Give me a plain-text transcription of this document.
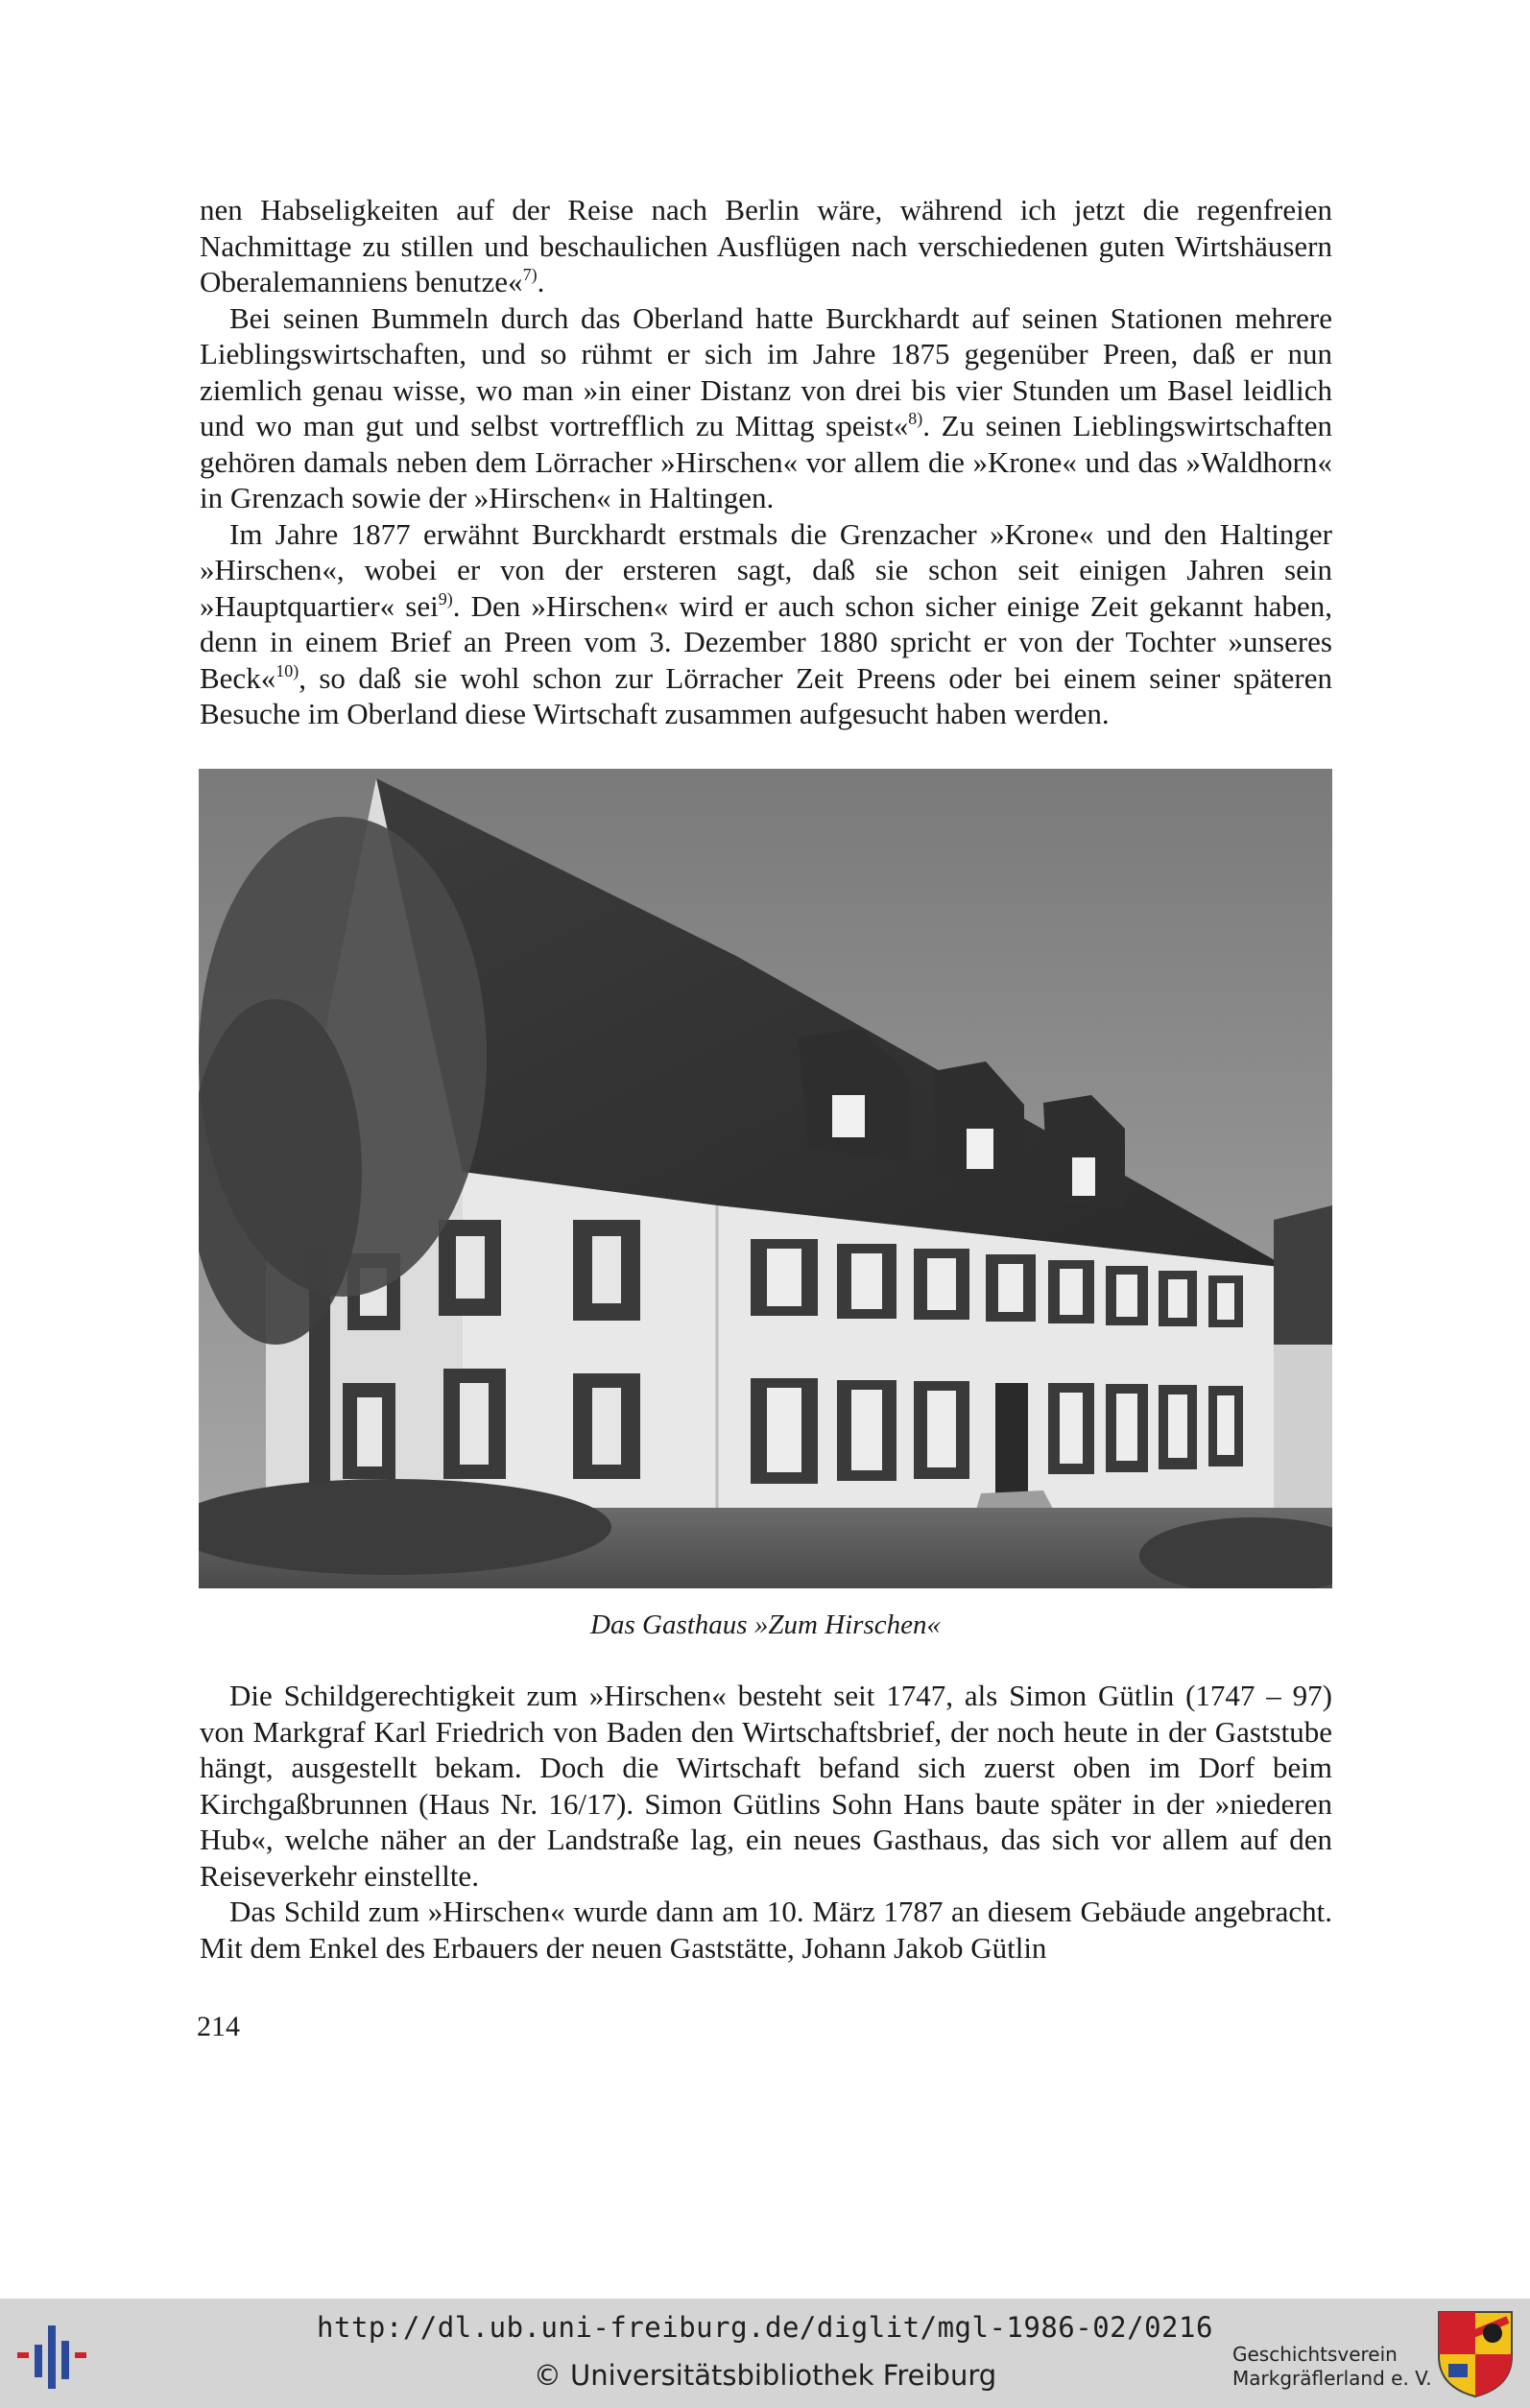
nen Habseligkeiten auf der Reise nach Berlin wäre, während ich jetzt die regenfreien Nachmittage zu stillen und beschaulichen Ausflügen nach verschiedenen guten Wirtshäusern Oberalemanniens benutze«$^{7)}$.

Bei seinen Bummeln durch das Oberland hatte Burckhardt auf seinen Stationen mehrere Lieblingswirtschaften, und so rühmt er sich im Jahre 1875 gegenüber Preen, daß er nun ziemlich genau wisse, wo man »in einer Distanz von drei bis vier Stunden um Basel leidlich und wo man gut und selbst vortrefflich zu Mittag speist«$^{8)}$. Zu seinen Lieblingswirtschaften gehören damals neben dem Lörracher »Hirschen« vor allem die »Krone« und das »Waldhorn« in Grenzach sowie der »Hirschen« in Haltingen.

Im Jahre 1877 erwähnt Burckhardt erstmals die Grenzacher »Krone« und den Haltinger »Hirschen«, wobei er von der ersteren sagt, daß sie schon seit einigen Jahren sein »Hauptquartier« sei$^{9)}$. Den »Hirschen« wird er auch schon sicher einige Zeit gekannt haben, denn in einem Brief an Preen vom 3. Dezember 1880 spricht er von der Tochter »unseres Beck«$^{10)}$, so daß sie wohl schon zur Lörracher Zeit Preens oder bei einem seiner späteren Besuche im Oberland diese Wirtschaft zusammen aufgesucht haben werden.

Das Gasthaus »Zum Hirschen«

Die Schildgerechtigkeit zum »Hirschen« besteht seit 1747, als Simon Gütlin (1747 – 97) von Markgraf Karl Friedrich von Baden den Wirtschaftsbrief, der noch heute in der Gaststube hängt, ausgestellt bekam. Doch die Wirtschaft befand sich zuerst oben im Dorf beim Kirchgaßbrunnen (Haus Nr. 16/17). Simon Gütlins Sohn Hans baute später in der »niederen Hub«, welche näher an der Landstraße lag, ein neues Gasthaus, das sich vor allem auf den Reiseverkehr einstellte.

Das Schild zum »Hirschen« wurde dann am 10. März 1787 an diesem Gebäude angebracht. Mit dem Enkel des Erbauers der neuen Gaststätte, Johann Jakob Gütlin

214
http://dl.ub.uni-freiburg.de/diglit/mgl-1986-02/0216
© Universitätsbibliothek Freiburg
Geschichtsverein
Markgräflerland e. V.
